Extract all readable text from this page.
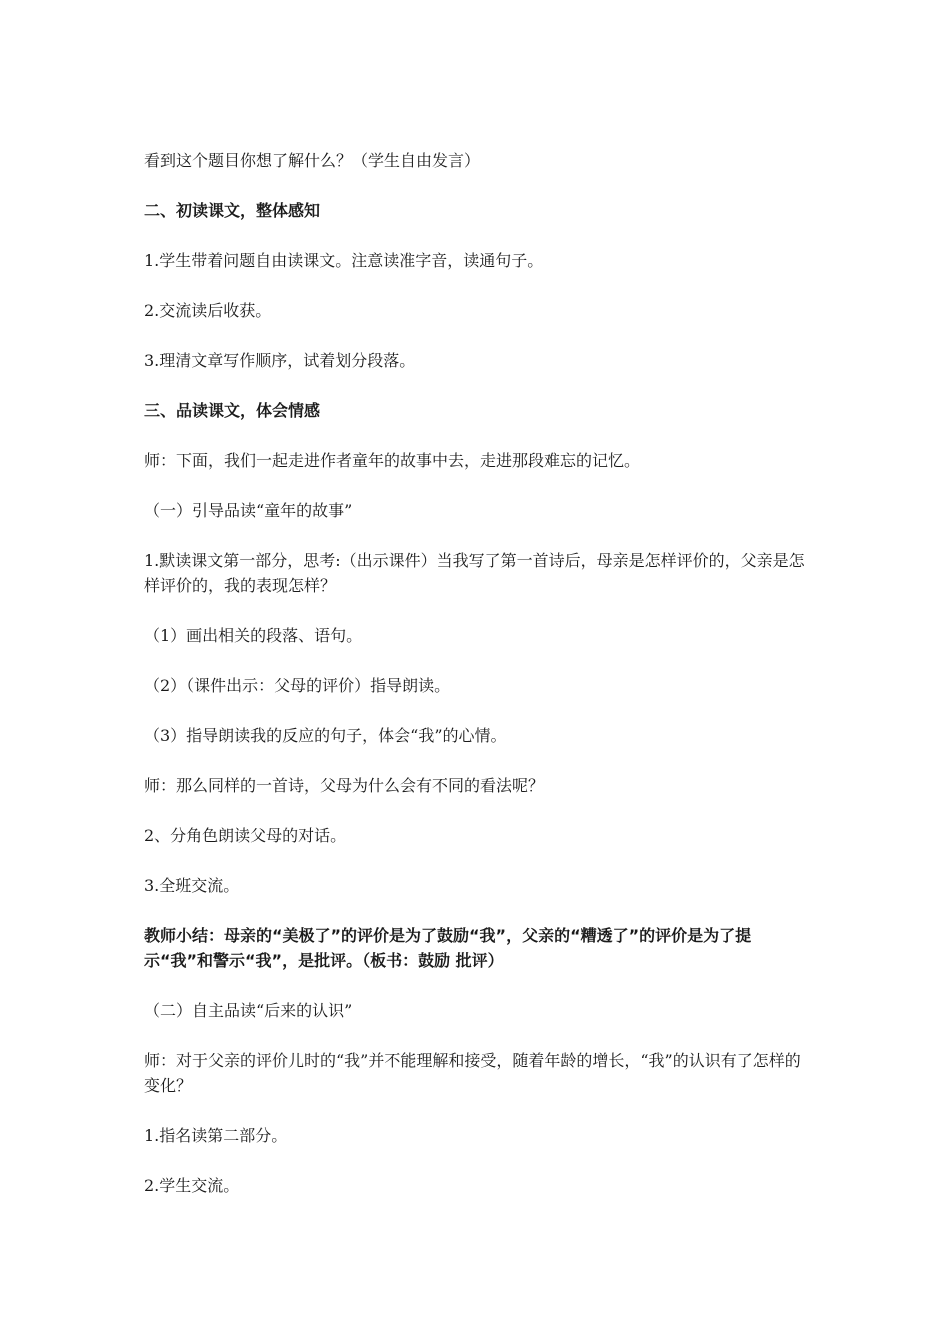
看到这个题目你想了解什么？（学生自由发言）

二、初读课文，整体感知

1.学生带着问题自由读课文。注意读准字音，读通句子。

2.交流读后收获。

3.理清文章写作顺序，试着划分段落。

三、品读课文，体会情感

师：下面，我们一起走进作者童年的故事中去，走进那段难忘的记忆。

（一）引导品读“童年的故事”

1.默读课文第一部分，思考:（出示课件）当我写了第一首诗后，母亲是怎样评价的，父亲是怎样评价的，我的表现怎样？

（1）画出相关的段落、语句。

（2）（课件出示：父母的评价）指导朗读。

（3）指导朗读我的反应的句子，体会“我”的心情。

师：那么同样的一首诗，父母为什么会有不同的看法呢？

2、分角色朗读父母的对话。

3.全班交流。

教师小结：母亲的“美极了”的评价是为了鼓励“我”，父亲的“糟透了”的评价是为了提示“我”和警示“我”，是批评。（板书：鼓励 批评）

（二）自主品读“后来的认识”

师：对于父亲的评价儿时的“我”并不能理解和接受，随着年龄的增长，“我”的认识有了怎样的变化？

1.指名读第二部分。

2.学生交流。
